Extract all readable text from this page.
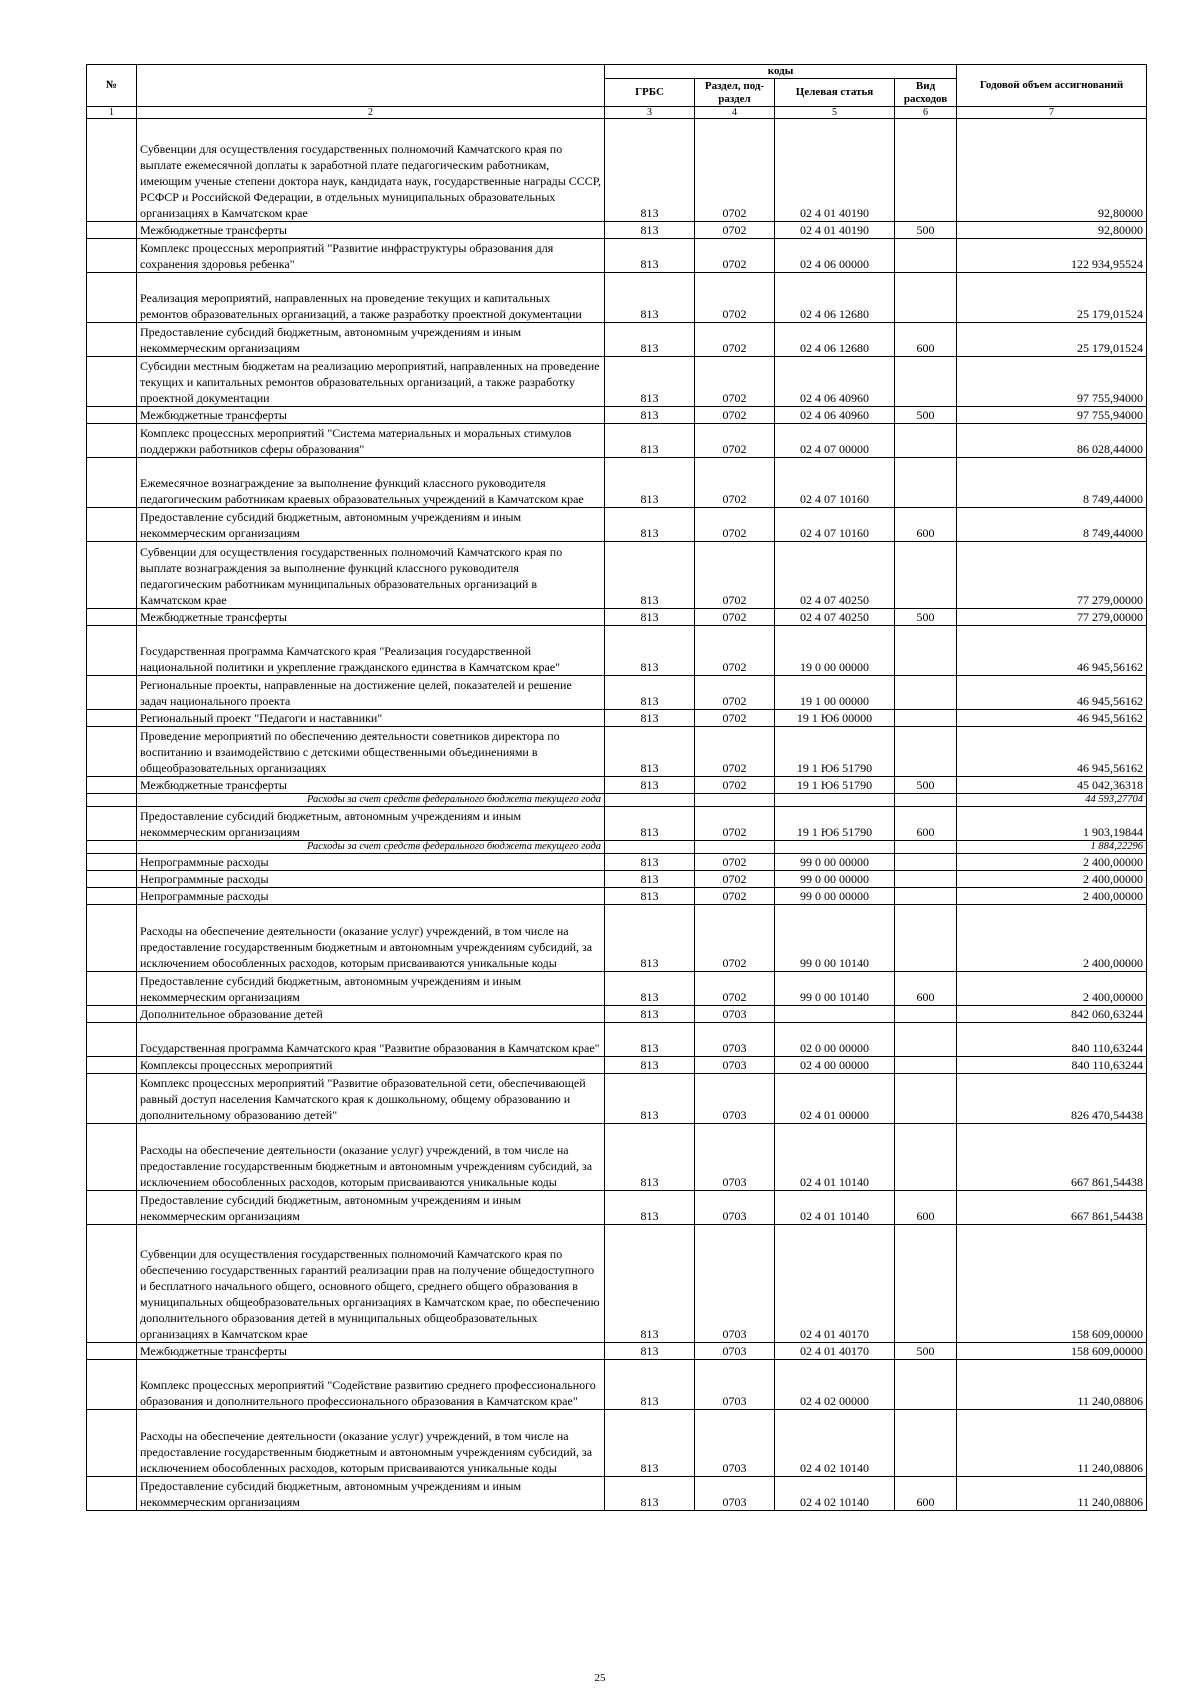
№		коды				Годовой объем ассигнований
		ГРБС	Раздел, под-раздел	Целевая статья	Вид расходов	
1	2	3	4	5	6	7
	Субвенции для осуществления государственных полномочий Камчатского края по выплате ежемесячной доплаты к заработной плате педагогическим работникам, имеющим ученые степени доктора наук, кандидата наук, государственные награды СССР, РСФСР и Российской Федерации, в отдельных муниципальных образовательных организациях в Камчатском крае	813	0702	02 4 01 40190		92,80000
	Межбюджетные трансферты	813	0702	02 4 01 40190	500	92,80000
	Комплекс процессных мероприятий "Развитие инфраструктуры образования для сохранения здоровья ребенка"	813	0702	02 4 06 00000		122 934,95524
	Реализация мероприятий, направленных на проведение текущих и капитальных ремонтов образовательных организаций, а также разработку проектной документации	813	0702	02 4 06 12680		25 179,01524
	Предоставление субсидий бюджетным, автономным учреждениям и иным некоммерческим организациям	813	0702	02 4 06 12680	600	25 179,01524
	Субсидии местным бюджетам на реализацию мероприятий, направленных на проведение текущих и капитальных ремонтов образовательных организаций, а также разработку проектной документации	813	0702	02 4 06 40960		97 755,94000
	Межбюджетные трансферты	813	0702	02 4 06 40960	500	97 755,94000
	Комплекс процессных мероприятий "Система материальных и моральных стимулов поддержки работников сферы образования"	813	0702	02 4 07 00000		86 028,44000
	Ежемесячное вознаграждение за выполнение функций классного руководителя педагогическим работникам краевых образовательных учреждений в Камчатском крае	813	0702	02 4 07 10160		8 749,44000
	Предоставление субсидий бюджетным, автономным учреждениям и иным некоммерческим организациям	813	0702	02 4 07 10160	600	8 749,44000
	Субвенции для осуществления государственных полномочий Камчатского края по выплате вознаграждения за выполнение функций классного руководителя педагогическим работникам муниципальных образовательных организаций в Камчатском крае	813	0702	02 4 07 40250		77 279,00000
	Межбюджетные трансферты	813	0702	02 4 07 40250	500	77 279,00000
	Государственная программа Камчатского края "Реализация государственной национальной политики и укрепление гражданского единства в Камчатском крае"	813	0702	19 0 00 00000		46 945,56162
	Региональные проекты, направленные на достижение целей, показателей и решение задач национального проекта	813	0702	19 1 00 00000		46 945,56162
	Региональный проект "Педагоги и наставники"	813	0702	19 1 Ю6 00000		46 945,56162
	Проведение мероприятий по обеспечению деятельности советников директора по воспитанию и взаимодействию с детскими общественными объединениями в общеобразовательных организациях	813	0702	19 1 Ю6 51790		46 945,56162
	Межбюджетные трансферты	813	0702	19 1 Ю6 51790	500	45 042,36318
	Расходы за счет средств федерального бюджета текущего года					44 593,27704
	Предоставление субсидий бюджетным, автономным учреждениям и иным некоммерческим организациям	813	0702	19 1 Ю6 51790	600	1 903,19844
	Расходы за счет средств федерального бюджета текущего года					1 884,22296
	Непрограммные расходы	813	0702	99 0 00 00000		2 400,00000
	Непрограммные расходы	813	0702	99 0 00 00000		2 400,00000
	Непрограммные расходы	813	0702	99 0 00 00000		2 400,00000
	Расходы на обеспечение деятельности (оказание услуг) учреждений, в том числе на предоставление государственным бюджетным и автономным учреждениям субсидий, за исключением обособленных расходов, которым присваиваются уникальные коды	813	0702	99 0 00 10140		2 400,00000
	Предоставление субсидий бюджетным, автономным учреждениям и иным некоммерческим организациям	813	0702	99 0 00 10140	600	2 400,00000
	Дополнительное образование детей	813	0703			842 060,63244
	Государственная программа Камчатского края "Развитие образования в Камчатском крае"	813	0703	02 0 00 00000		840 110,63244
	Комплексы процессных мероприятий	813	0703	02 4 00 00000		840 110,63244
	Комплекс процессных мероприятий "Развитие образовательной сети, обеспечивающей равный доступ населения Камчатского края к дошкольному, общему образованию и дополнительному образованию детей"	813	0703	02 4 01 00000		826 470,54438
	Расходы на обеспечение деятельности (оказание услуг) учреждений, в том числе на предоставление государственным бюджетным и автономным учреждениям субсидий, за исключением обособленных расходов, которым присваиваются уникальные коды	813	0703	02 4 01 10140		667 861,54438
	Предоставление субсидий бюджетным, автономным учреждениям и иным некоммерческим организациям	813	0703	02 4 01 10140	600	667 861,54438
	Субвенции для осуществления государственных полномочий Камчатского края по обеспечению государственных гарантий реализации прав на получение общедоступного и бесплатного начального общего, основного общего, среднего общего образования в муниципальных общеобразовательных организациях в Камчатском крае, по обеспечению дополнительного образования детей в муниципальных общеобразовательных организациях в Камчатском крае	813	0703	02 4 01 40170		158 609,00000
	Межбюджетные трансферты	813	0703	02 4 01 40170	500	158 609,00000
	Комплекс процессных мероприятий "Содействие развитию среднего профессионального образования и дополнительного профессионального образования в Камчатском крае"	813	0703	02 4 02 00000		11 240,08806
	Расходы на обеспечение деятельности (оказание услуг) учреждений, в том числе на предоставление государственным бюджетным и автономным учреждениям субсидий, за исключением обособленных расходов, которым присваиваются уникальные коды	813	0703	02 4 02 10140		11 240,08806
	Предоставление субсидий бюджетным, автономным учреждениям и иным некоммерческим организациям	813	0703	02 4 02 10140	600	11 240,08806
25
